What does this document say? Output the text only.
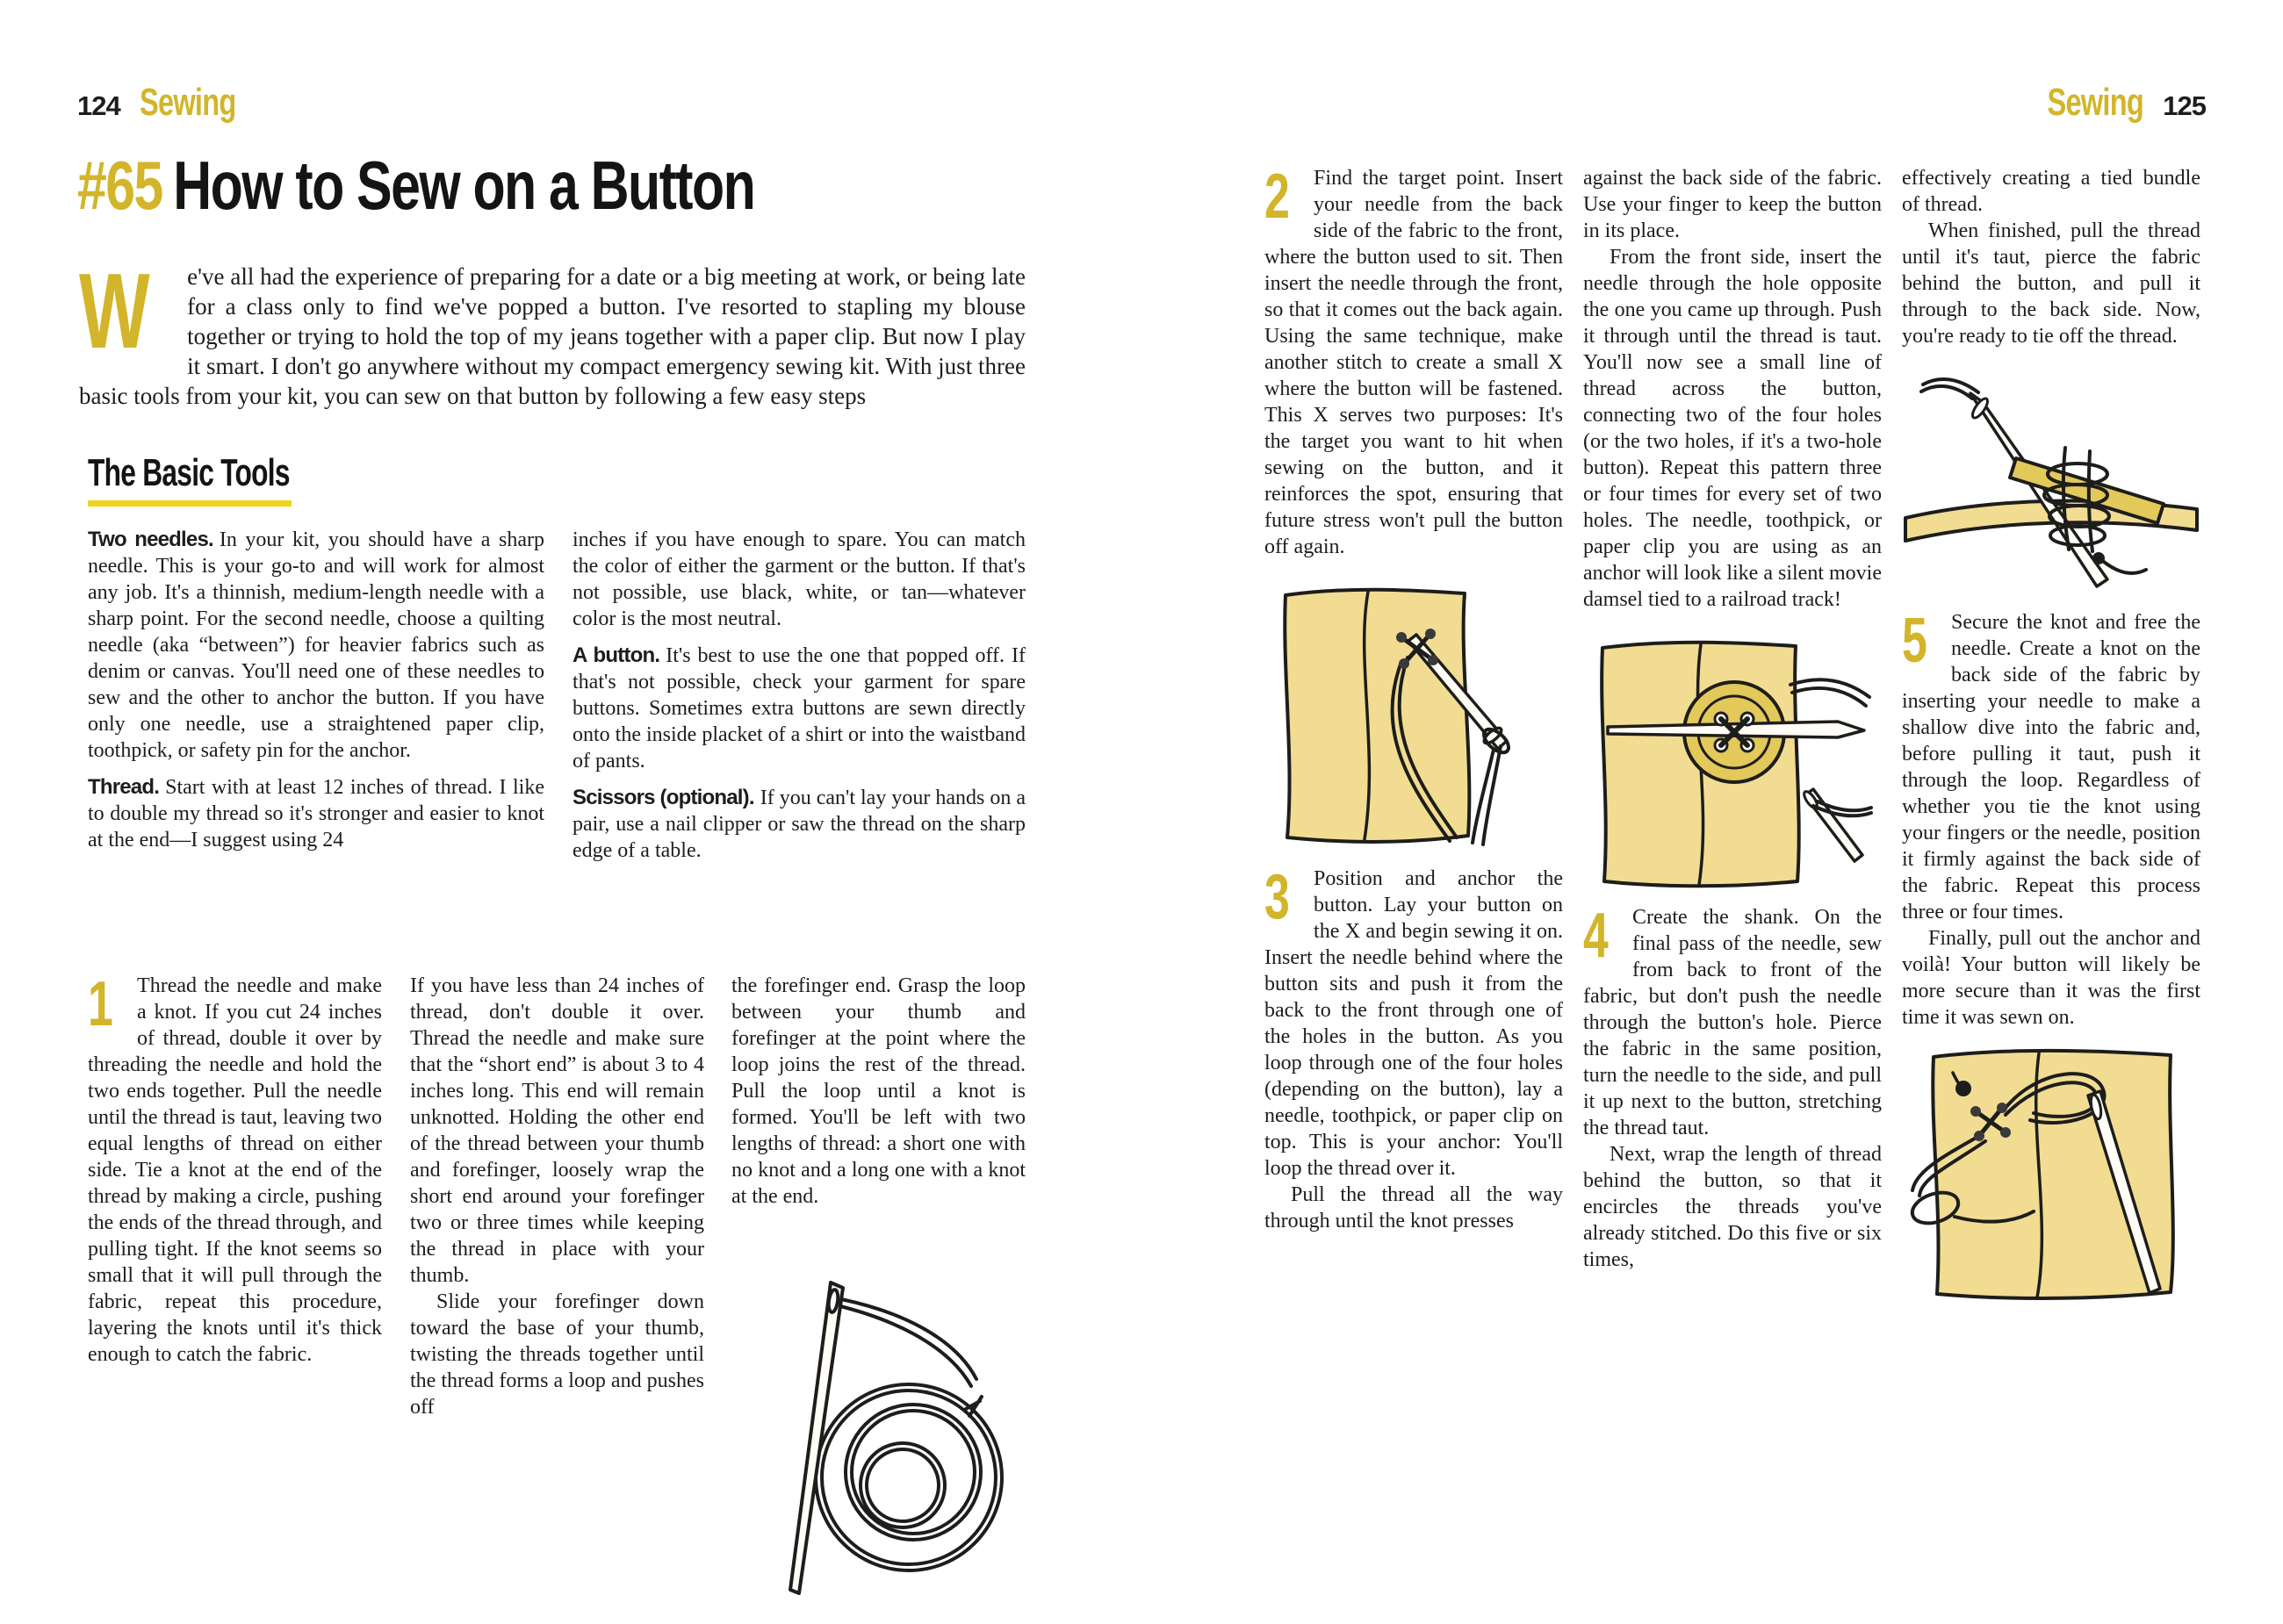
124 Sewing
#65 How to Sew on a Button

W e've all had the experience of preparing for a date or a big meeting at work, or being late for a class only to find we've popped a button. I've resorted to stapling my blouse together or trying to hold the top of my jeans together with a paper clip. But now I play it smart. I don't go anywhere without my compact emergency sewing kit. With just three basic tools from your kit, you can sew on that button by following a few easy steps

The Basic Tools

Two needles. In your kit, you should have a sharp needle. This is your go-to and will work for almost any job. It's a thinnish, medium-length needle with a sharp point. For the second needle, choose a quilting needle (aka “between”) for heavier fabrics such as denim or canvas. You'll need one of these needles to sew and the other to anchor the button. If you have only one needle, use a straightened paper clip, toothpick, or safety pin for the anchor.

Thread. Start with at least 12 inches of thread. I like to double my thread so it's stronger and easier to knot at the end—I suggest using 24

inches if you have enough to spare. You can match the color of either the garment or the button. If that's not possible, use black, white, or tan—whatever color is the most neutral.

A button. It's best to use the one that popped off. If that's not possible, check your garment for spare buttons. Sometimes extra buttons are sewn directly onto the inside placket of a shirt or into the waistband of pants.

Scissors (optional). If you can't lay your hands on a pair, use a nail clipper or saw the thread on the sharp edge of a table.

1 Thread the needle and make a knot. If you cut 24 inches of thread, double it over by threading the needle and hold the two ends together. Pull the needle until the thread is taut, leaving two equal lengths of thread on either side. Tie a knot at the end of the thread by making a circle, pushing the ends of the thread through, and pulling tight. If the knot seems so small that it will pull through the fabric, repeat this procedure, layering the knots until it's thick enough to catch the fabric.

If you have less than 24 inches of thread, don't double it over. Thread the needle and make sure that the “short end” is about 3 to 4 inches long. This end will remain unknotted. Holding the other end of the thread between your thumb and forefinger, loosely wrap the short end around your forefinger two or three times while keeping the thread in place with your thumb.

Slide your forefinger down toward the base of your thumb, twisting the threads together until the thread forms a loop and pushes off

the forefinger end. Grasp the loop between your thumb and forefinger at the point where the loop joins the rest of the thread. Pull the loop until a knot is formed. You'll be left with two lengths of thread: a short one with no knot and a long one with a knot at the end.

Sewing 125

2 Find the target point. Insert your needle from the back side of the fabric to the front, where the button used to sit. Then insert the needle through the front, so that it comes out the back again. Using the same technique, make another stitch to create a small X where the button will be fastened. This X serves two purposes: It's the target you want to hit when sewing on the button, and it reinforces the spot, ensuring that future stress won't pull the button off again.

3 Position and anchor the button. Lay your button on the X and begin sewing it on. Insert the needle behind where the button sits and push it from the back to the front through one of the holes in the button. As you loop through one of the four holes (depending on the button), lay a needle, toothpick, or paper clip on top. This is your anchor: You'll loop the thread over it.

Pull the thread all the way through until the knot presses

against the back side of the fabric. Use your finger to keep the button in its place.

From the front side, insert the needle through the hole opposite the one you came up through. Push it through until the thread is taut. You'll now see a small line of thread across the button, connecting two of the four holes (or the two holes, if it's a two-hole button). Repeat this pattern three or four times for every set of two holes. The needle, toothpick, or paper clip you are using as an anchor will look like a silent movie damsel tied to a railroad track!

4 Create the shank. On the final pass of the needle, sew from back to front of the fabric, but don't push the needle through the button's hole. Pierce the fabric in the same position, turn the needle to the side, and pull it up next to the button, stretching the thread taut.

Next, wrap the length of thread behind the button, so that it encircles the threads you've already stitched. Do this five or six times,

effectively creating a tied bundle of thread.

When finished, pull the thread until it's taut, pierce the fabric behind the button, and pull it through to the back side. Now, you're ready to tie off the thread.

5 Secure the knot and free the needle. Create a knot on the back side of the fabric by inserting your needle to make a shallow dive into the fabric and, before pulling it taut, push it through the loop. Regardless of whether you tie the knot using your fingers or the needle, position it firmly against the back side of the fabric. Repeat this process three or four times.

Finally, pull out the anchor and voilà! Your button will likely be more secure than it was the first time it was sewn on.
